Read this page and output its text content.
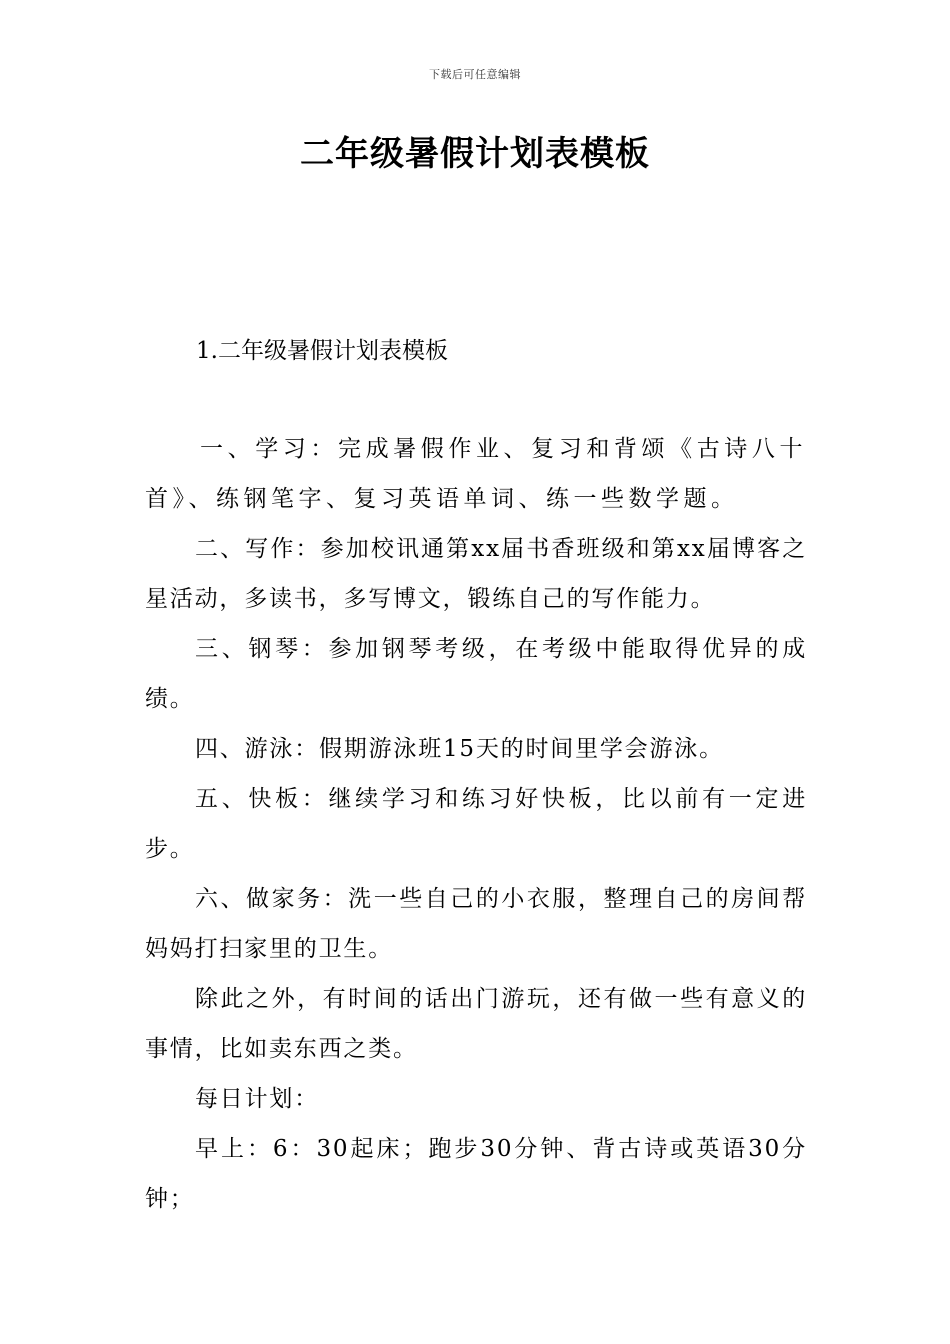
下载后可任意编辑
二年级暑假计划表模板
1.二年级暑假计划表模板

一、学习：完成暑假作业、复习和背颂《古诗八十首》、练钢笔字、复习英语单词、练一些数学题。

二、写作：参加校讯通第xx届书香班级和第xx届博客之星活动，多读书，多写博文，锻练自己的写作能力。

三、钢琴：参加钢琴考级，在考级中能取得优异的成绩。

四、游泳：假期游泳班15天的时间里学会游泳。

五、快板：继续学习和练习好快板，比以前有一定进步。

六、做家务：洗一些自己的小衣服，整理自己的房间帮妈妈打扫家里的卫生。

除此之外，有时间的话出门游玩，还有做一些有意义的事情，比如卖东西之类。

每日计划：

早上：6：30起床；跑步30分钟、背古诗或英语30分钟；
